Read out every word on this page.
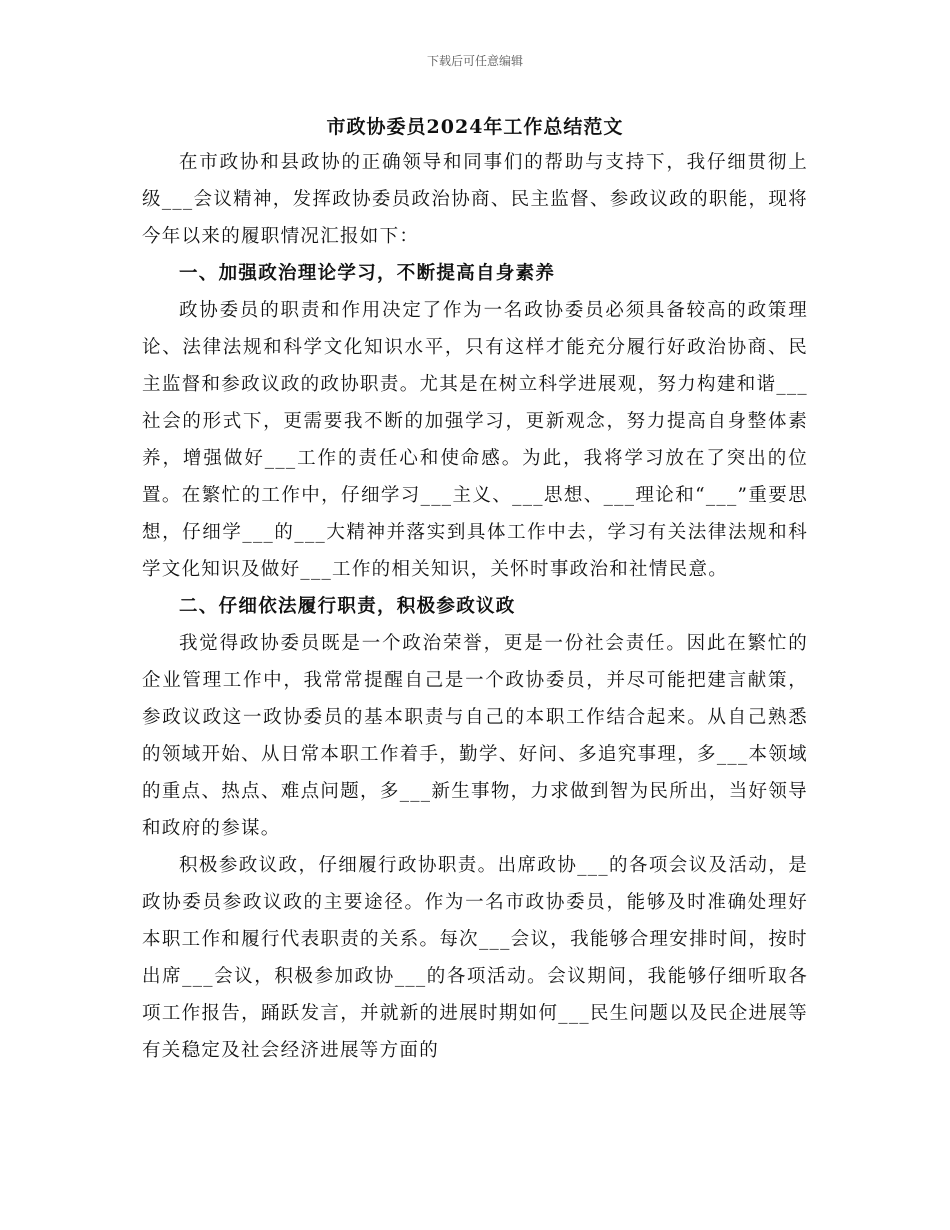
下载后可任意编辑
市政协委员2024年工作总结范文

在市政协和县政协的正确领导和同事们的帮助与支持下，我仔细贯彻上级___会议精神，发挥政协委员政治协商、民主监督、参政议政的职能，现将今年以来的履职情况汇报如下：

一、加强政治理论学习，不断提高自身素养

政协委员的职责和作用决定了作为一名政协委员必须具备较高的政策理论、法律法规和科学文化知识水平，只有这样才能充分履行好政治协商、民主监督和参政议政的政协职责。尤其是在树立科学进展观，努力构建和谐___社会的形式下，更需要我不断的加强学习，更新观念，努力提高自身整体素养，增强做好___工作的责任心和使命感。为此，我将学习放在了突出的位置。在繁忙的工作中，仔细学习___主义、___思想、___理论和“___”重要思想，仔细学___的___大精神并落实到具体工作中去，学习有关法律法规和科学文化知识及做好___工作的相关知识，关怀时事政治和社情民意。

二、仔细依法履行职责，积极参政议政

我觉得政协委员既是一个政治荣誉，更是一份社会责任。因此在繁忙的企业管理工作中，我常常提醒自己是一个政协委员，并尽可能把建言献策，参政议政这一政协委员的基本职责与自己的本职工作结合起来。从自己熟悉的领域开始、从日常本职工作着手，勤学、好问、多追究事理，多___本领域的重点、热点、难点问题，多___新生事物，力求做到智为民所出，当好领导和政府的参谋。

积极参政议政，仔细履行政协职责。出席政协___的各项会议及活动，是政协委员参政议政的主要途径。作为一名市政协委员，能够及时准确处理好本职工作和履行代表职责的关系。每次___会议，我能够合理安排时间，按时出席___会议，积极参加政协___的各项活动。会议期间，我能够仔细听取各项工作报告，踊跃发言，并就新的进展时期如何___民生问题以及民企进展等有关稳定及社会经济进展等方面的
